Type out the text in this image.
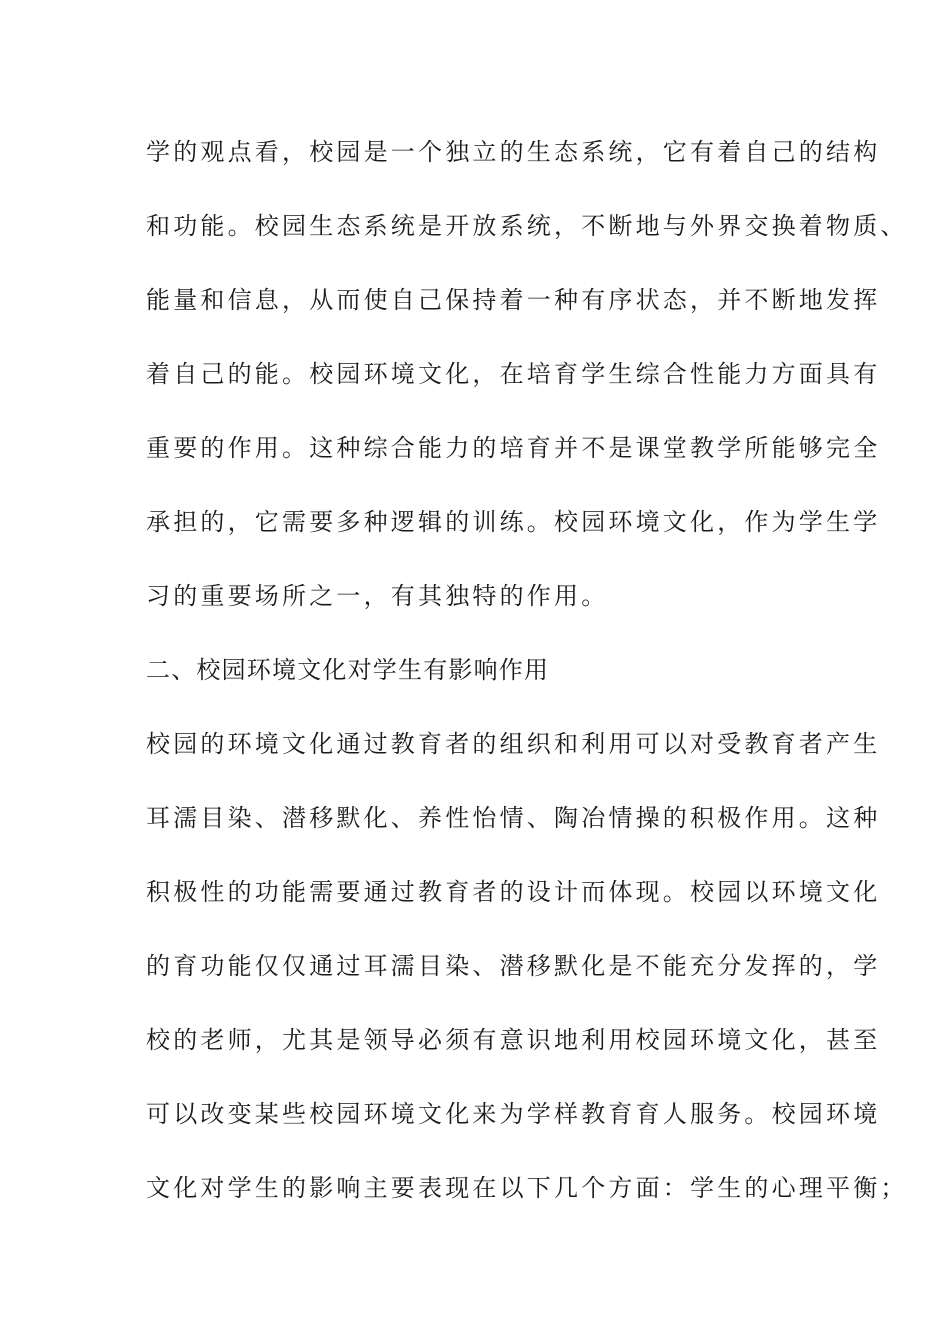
学的观点看，校园是一个独立的生态系统，它有着自己的结构
和功能。校园生态系统是开放系统，不断地与外界交换着物质、
能量和信息，从而使自己保持着一种有序状态，并不断地发挥
着自己的能。校园环境文化，在培育学生综合性能力方面具有
重要的作用。这种综合能力的培育并不是课堂教学所能够完全
承担的，它需要多种逻辑的训练。校园环境文化，作为学生学
习的重要场所之一，有其独特的作用。
二、校园环境文化对学生有影响作用
校园的环境文化通过教育者的组织和利用可以对受教育者产生
耳濡目染、潜移默化、养性怡情、陶冶情操的积极作用。这种
积极性的功能需要通过教育者的设计而体现。校园以环境文化
的育功能仅仅通过耳濡目染、潜移默化是不能充分发挥的，学
校的老师，尤其是领导必须有意识地利用校园环境文化，甚至
可以改变某些校园环境文化来为学样教育育人服务。校园环境
文化对学生的影响主要表现在以下几个方面：学生的心理平衡；
